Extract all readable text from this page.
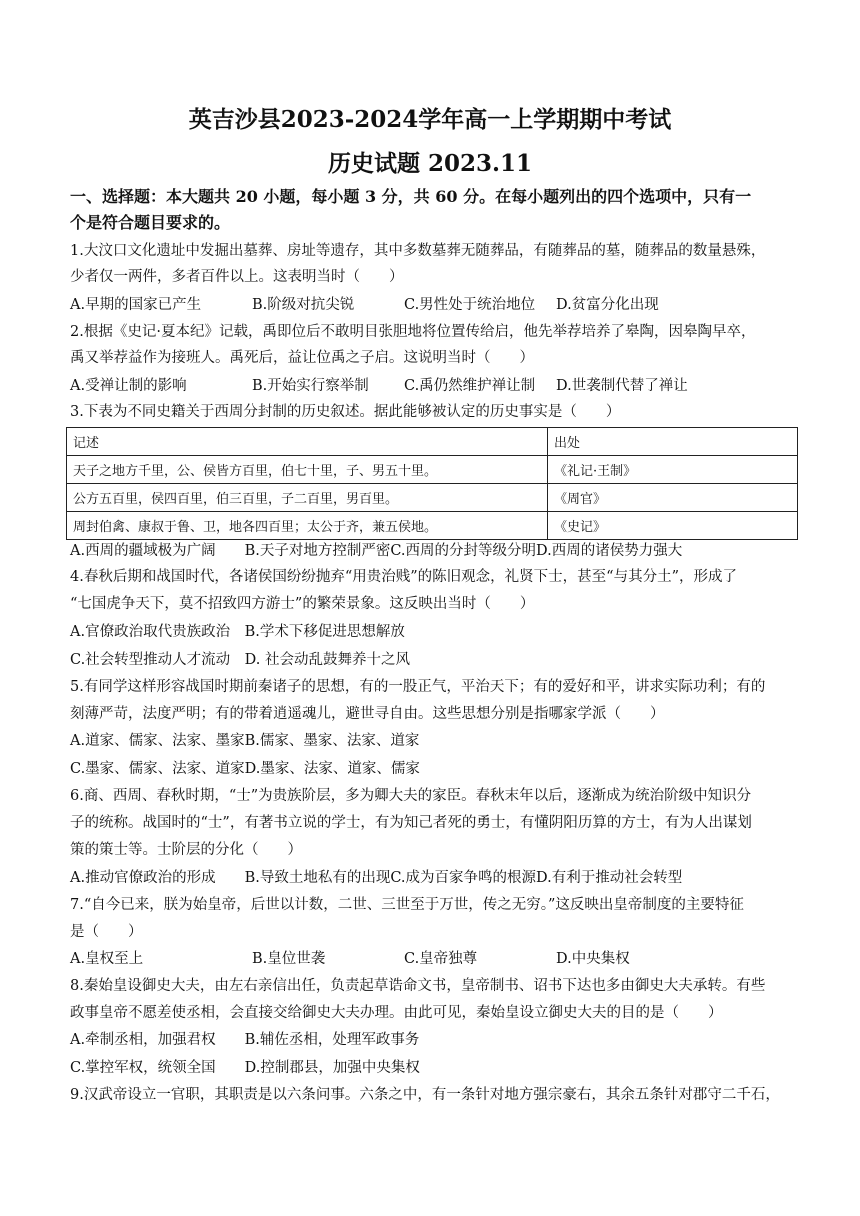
英吉沙县2023-2024学年高一上学期期中考试
历史试题 2023.11
一、选择题：本大题共 20 小题，每小题 3 分，共 60 分。在每小题列出的四个选项中，只有一
个是符合题目要求的。
1.大汶口文化遗址中发掘出墓葬、房址等遗存，其中多数墓葬无随葬品，有随葬品的墓，随葬品的数量悬殊，
少者仅一两件，多者百件以上。这表明当时（　　）
A.早期的国家已产生	B.阶级对抗尖锐	C.男性处于统治地位 D.贫富分化出现
2.根据《史记·夏本纪》记载，禹即位后不敢明目张胆地将位置传给启，他先举荐培养了皋陶，因皋陶早卒，
禹又举荐益作为接班人。禹死后，益让位禹之子启。这说明当时（　　）
A.受禅让制的影响	B.开始实行察举制 C.禹仍然维护禅让制 D.世袭制代替了禅让
3.下表为不同史籍关于西周分封制的历史叙述。据此能够被认定的历史事实是（　　）
记述	出处
天子之地方千里，公、侯皆方百里，伯七十里，子、男五十里。	《礼记·王制》
公方五百里，侯四百里，伯三百里，子二百里，男百里。	《周官》
周封伯禽、康叔于鲁、卫，地各四百里；太公于齐，兼五侯地。	《史记》
A.西周的疆域极为广阔　　B.天子对地方控制严密C.西周的分封等级分明D.西周的诸侯势力强大
4.春秋后期和战国时代，各诸侯国纷纷抛弃“用贵治贱”的陈旧观念，礼贤下士，甚至“与其分土”，形成了
“七国虎争天下，莫不招致四方游士”的繁荣景象。这反映出当时（　　）
A.官僚政治取代贵族政治　B.学术下移促进思想解放
C.社会转型推动人才流动　D. 社会动乱鼓舞养十之风
5.有同学这样形容战国时期前秦诸子的思想，有的一股正气，平治天下；有的爱好和平，讲求实际功利；有的
刻薄严苛，法度严明；有的带着逍遥魂儿，避世寻自由。这些思想分别是指哪家学派（　　）
A.道家、儒家、法家、墨家B.儒家、墨家、法家、道家
C.墨家、儒家、法家、道家D.墨家、法家、道家、儒家
6.商、西周、春秋时期，“士”为贵族阶层，多为卿大夫的家臣。春秋末年以后，逐渐成为统治阶级中知识分
子的统称。战国时的“士”，有著书立说的学士，有为知己者死的勇士，有懂阴阳历算的方士，有为人出谋划
策的策士等。士阶层的分化（　　）
A.推动官僚政治的形成　　B.导致土地私有的出现C.成为百家争鸣的根源D.有利于推动社会转型
7.“自今已来，朕为始皇帝，后世以计数，二世、三世至于万世，传之无穷。”这反映出皇帝制度的主要特征
是（　　）
A.皇权至上	B.皇位世袭	C.皇帝独尊	D.中央集权
8.秦始皇设御史大夫，由左右亲信出任，负责起草诰命文书，皇帝制书、诏书下达也多由御史大夫承转。有些
政事皇帝不愿差使丞相，会直接交给御史大夫办理。由此可见，秦始皇设立御史大夫的目的是（　　）
A.牵制丞相，加强君权　　B.辅佐丞相，处理军政事务
C.掌控军权，统领全国　　D.控制郡县，加强中央集权
9.汉武帝设立一官职，其职责是以六条问事。六条之中，有一条针对地方强宗豪右，其余五条针对郡守二千石，
